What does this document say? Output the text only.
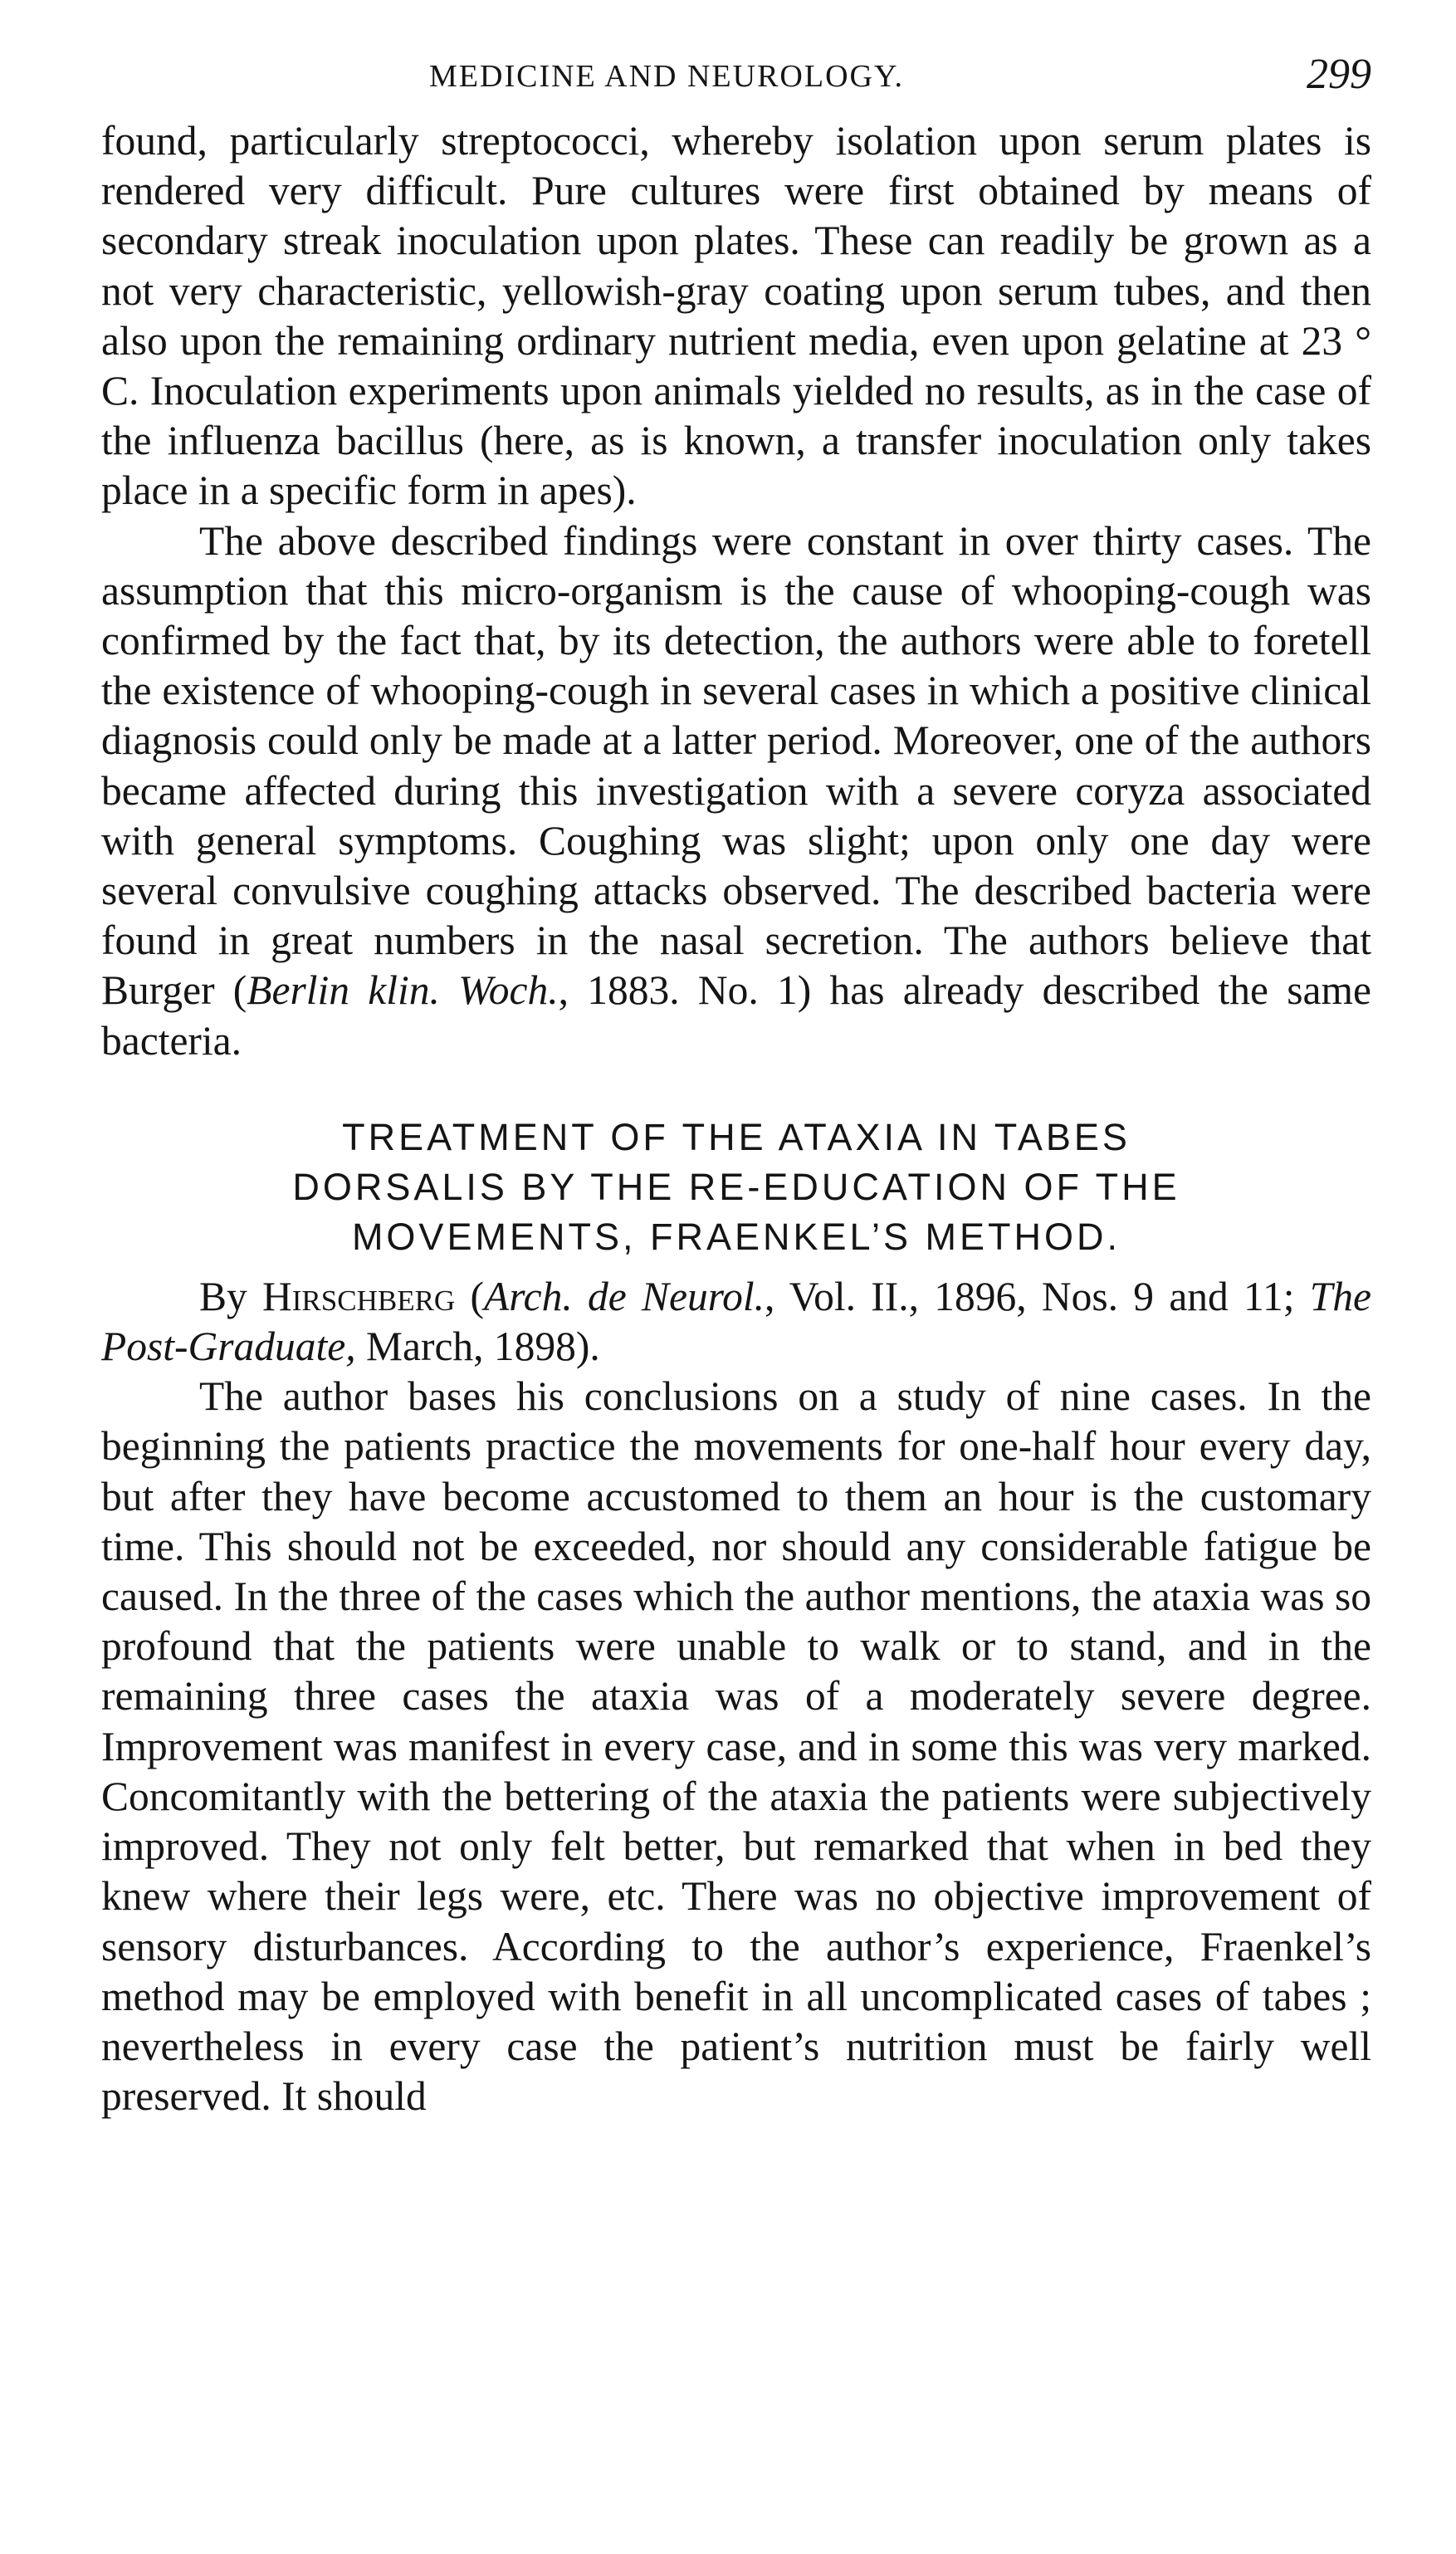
MEDICINE AND NEUROLOGY.	299

found, particularly streptococci, whereby isolation upon serum plates is rendered very difficult. Pure cultures were first obtained by means of secondary streak inoculation upon plates. These can readily be grown as a not very characteristic, yellowish-gray coating upon serum tubes, and then also upon the remaining ordinary nutrient media, even upon gelatine at 23 ° C. Inoculation experiments upon animals yielded no results, as in the case of the influenza bacillus (here, as is known, a transfer inoculation only takes place in a specific form in apes).

The above described findings were constant in over thirty cases. The assumption that this micro-organism is the cause of whooping-cough was confirmed by the fact that, by its detection, the authors were able to foretell the existence of whooping-cough in several cases in which a positive clinical diagnosis could only be made at a latter period. Moreover, one of the authors became affected during this investigation with a severe coryza associated with general symptoms. Coughing was slight; upon only one day were several convulsive coughing attacks observed. The described bacteria were found in great numbers in the nasal secretion. The authors believe that Burger (Berlin klin. Woch., 1883. No. 1) has already described the same bacteria.

TREATMENT OF THE ATAXIA IN TABES
DORSALIS BY THE RE-EDUCATION OF THE
MOVEMENTS, FRAENKEL’S METHOD.

By Hirschberg (Arch. de Neurol., Vol. II., 1896, Nos. 9 and 11; The Post-Graduate, March, 1898).

The author bases his conclusions on a study of nine cases. In the beginning the patients practice the movements for one-half hour every day, but after they have become accustomed to them an hour is the customary time. This should not be exceeded, nor should any considerable fatigue be caused. In the three of the cases which the author mentions, the ataxia was so profound that the patients were unable to walk or to stand, and in the remaining three cases the ataxia was of a moderately severe degree. Improvement was manifest in every case, and in some this was very marked. Concomitantly with the bettering of the ataxia the patients were subjectively improved. They not only felt better, but remarked that when in bed they knew where their legs were, etc. There was no objective improvement of sensory disturbances. According to the author’s experience, Fraenkel’s method may be employed with benefit in all uncomplicated cases of tabes ; nevertheless in every case the patient’s nutrition must be fairly well preserved. It should
